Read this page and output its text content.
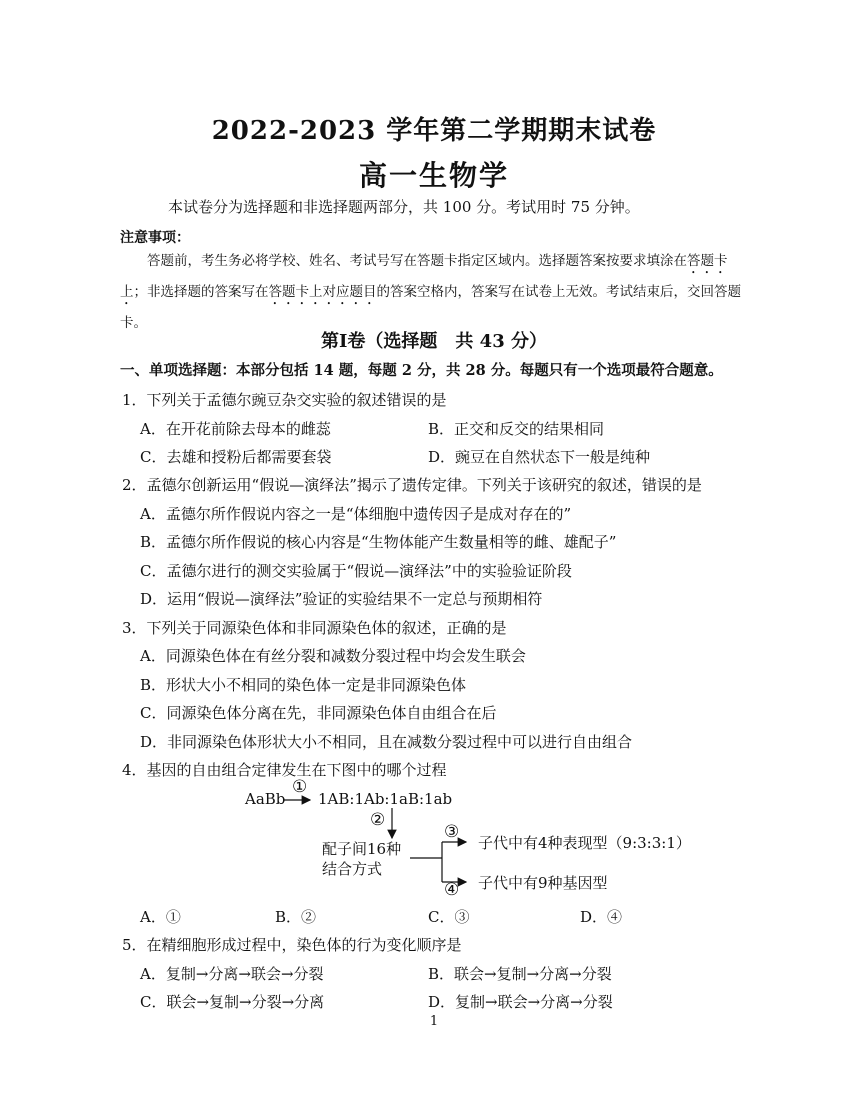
2022-2023 学年第二学期期末试卷
高一生物学
本试卷分为选择题和非选择题两部分，共 100 分。考试用时 75 分钟。
注意事项：
答题前，考生务必将学校、姓名、考试号写在答题卡指定区域内。选择题答案按要求填涂在答题卡上；非选择题的答案写在答题卡上对应题目的答案空格内，答案写在试卷上无效。考试结束后，交回答题卡。
第Ⅰ卷（选择题　共 43 分）
一、单项选择题：本部分包括 14 题，每题 2 分，共 28 分。每题只有一个选项最符合题意。
1．下列关于孟德尔豌豆杂交实验的叙述错误的是
A．在开花前除去母本的雌蕊	B．正交和反交的结果相同
C．去雄和授粉后都需要套袋	D．豌豆在自然状态下一般是纯种
2．孟德尔创新运用“假说—演绎法”揭示了遗传定律。下列关于该研究的叙述，错误的是
A．孟德尔所作假说内容之一是“体细胞中遗传因子是成对存在的”
B．孟德尔所作假说的核心内容是“生物体能产生数量相等的雌、雄配子”
C．孟德尔进行的测交实验属于“假说—演绎法”中的实验验证阶段
D．运用“假说—演绎法”验证的实验结果不一定总与预期相符
3．下列关于同源染色体和非同源染色体的叙述，正确的是
A．同源染色体在有丝分裂和减数分裂过程中均会发生联会
B．形状大小不相同的染色体一定是非同源染色体
C．同源染色体分离在先，非同源染色体自由组合在后
D．非同源染色体形状大小不相同，且在减数分裂过程中可以进行自由组合
4．基因的自由组合定律发生在下图中的哪个过程
AaBb
①
1AB:1Ab:1aB:1ab
②
配子间16种
结合方式
③
子代中有4种表现型（9:3:3:1）
④ 子代中有9种基因型
A．①	B．②	C．③	D．④
5．在精细胞形成过程中，染色体的行为变化顺序是
A．复制→分离→联会→分裂	B．联会→复制→分离→分裂
C．联会→复制→分裂→分离	D．复制→联会→分离→分裂
1
